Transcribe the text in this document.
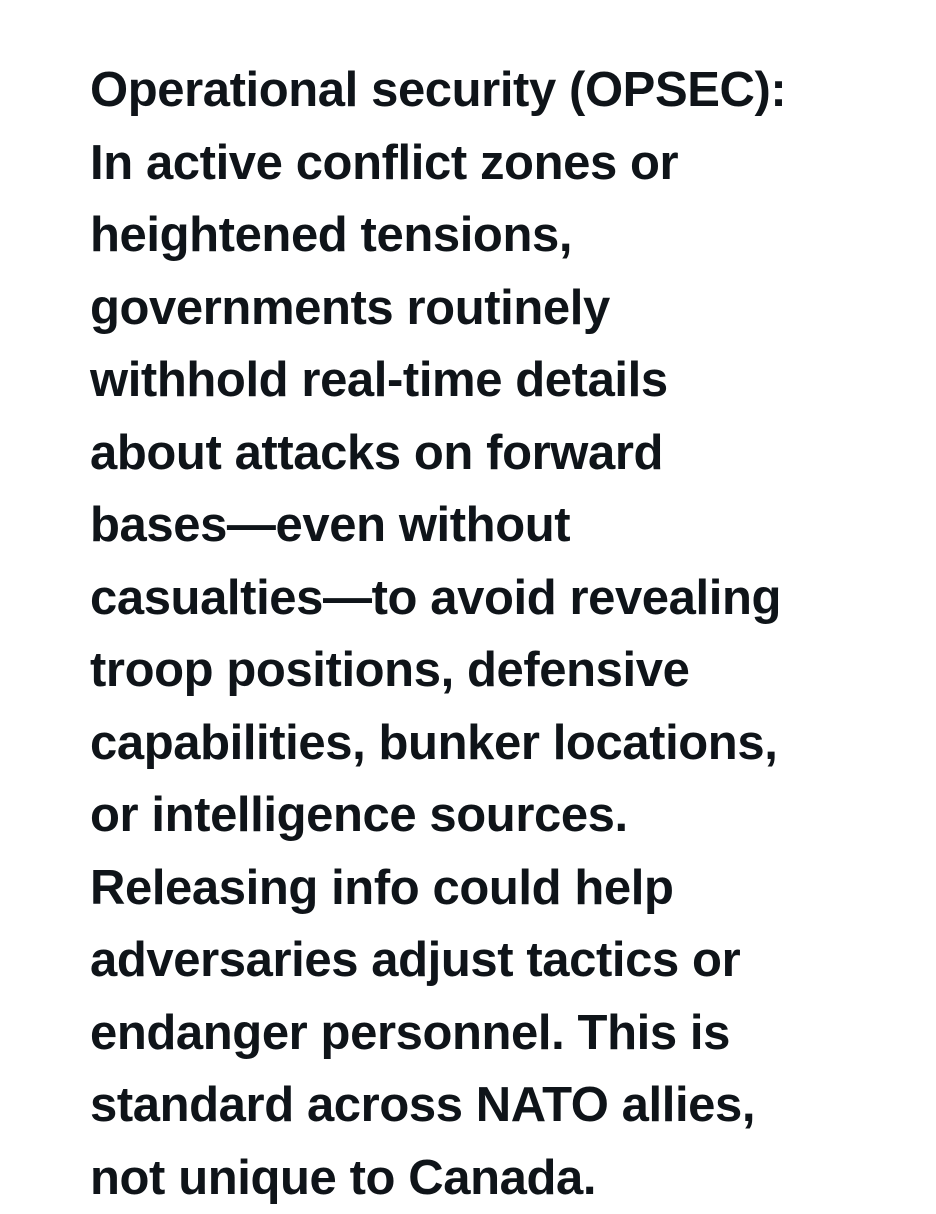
Operational security (OPSEC):
In active conflict zones or
heightened tensions,
governments routinely
withhold real-time details
about attacks on forward
bases—even without
casualties—to avoid revealing
troop positions, defensive
capabilities, bunker locations,
or intelligence sources.
Releasing info could help
adversaries adjust tactics or
endanger personnel. This is
standard across NATO allies,
not unique to Canada.
